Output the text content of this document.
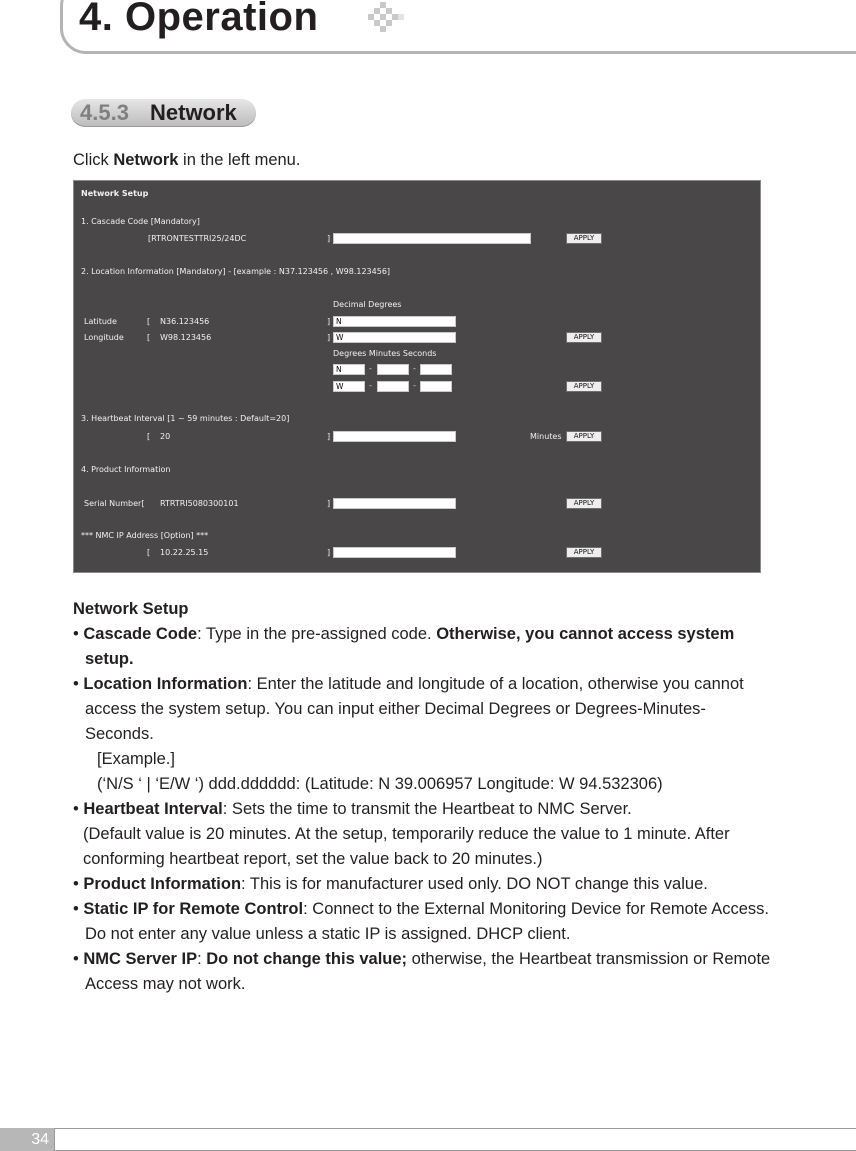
4. Operation
4.5.3 Network

Click Network in the left menu.

Network Setup
1. Cascade Code [Mandatory]
[RTRONTESTTRI25/24DC	]	APPLY
2. Location Information [Mandatory] - [example : N37.123456 , W98.123456]
Decimal Degrees
Latitude	[ N36.123456	] N
Longitude	[ W98.123456	] W	APPLY
Degrees Minutes Seconds
N	-	-
W	-	-	APPLY
3. Heartbeat Interval [1 ~ 59 minutes : Default=20]
[ 20	]	Minutes	APPLY
4. Product Information
Serial Number[ RTRTRI5080300101	]	APPLY
*** NMC IP Address [Option] ***
[ 10.22.25.15	]	APPLY

Network Setup

• Cascade Code: Type in the pre-assigned code. Otherwise, you cannot access system setup.

• Location Information: Enter the latitude and longitude of a location, otherwise you cannot access the system setup. You can input either Decimal Degrees or Degrees-Minutes-Seconds.

[Example.]

(‘N/S ‘ | ‘E/W ‘) ddd.dddddd: (Latitude: N 39.006957 Longitude: W 94.532306)

• Heartbeat Interval: Sets the time to transmit the Heartbeat to NMC Server.

(Default value is 20 minutes. At the setup, temporarily reduce the value to 1 minute. After conforming heartbeat report, set the value back to 20 minutes.)

• Product Information: This is for manufacturer used only. DO NOT change this value.

• Static IP for Remote Control: Connect to the External Monitoring Device for Remote Access. Do not enter any value unless a static IP is assigned. DHCP client.

• NMC Server IP: Do not change this value; otherwise, the Heartbeat transmission or Remote Access may not work.

34
